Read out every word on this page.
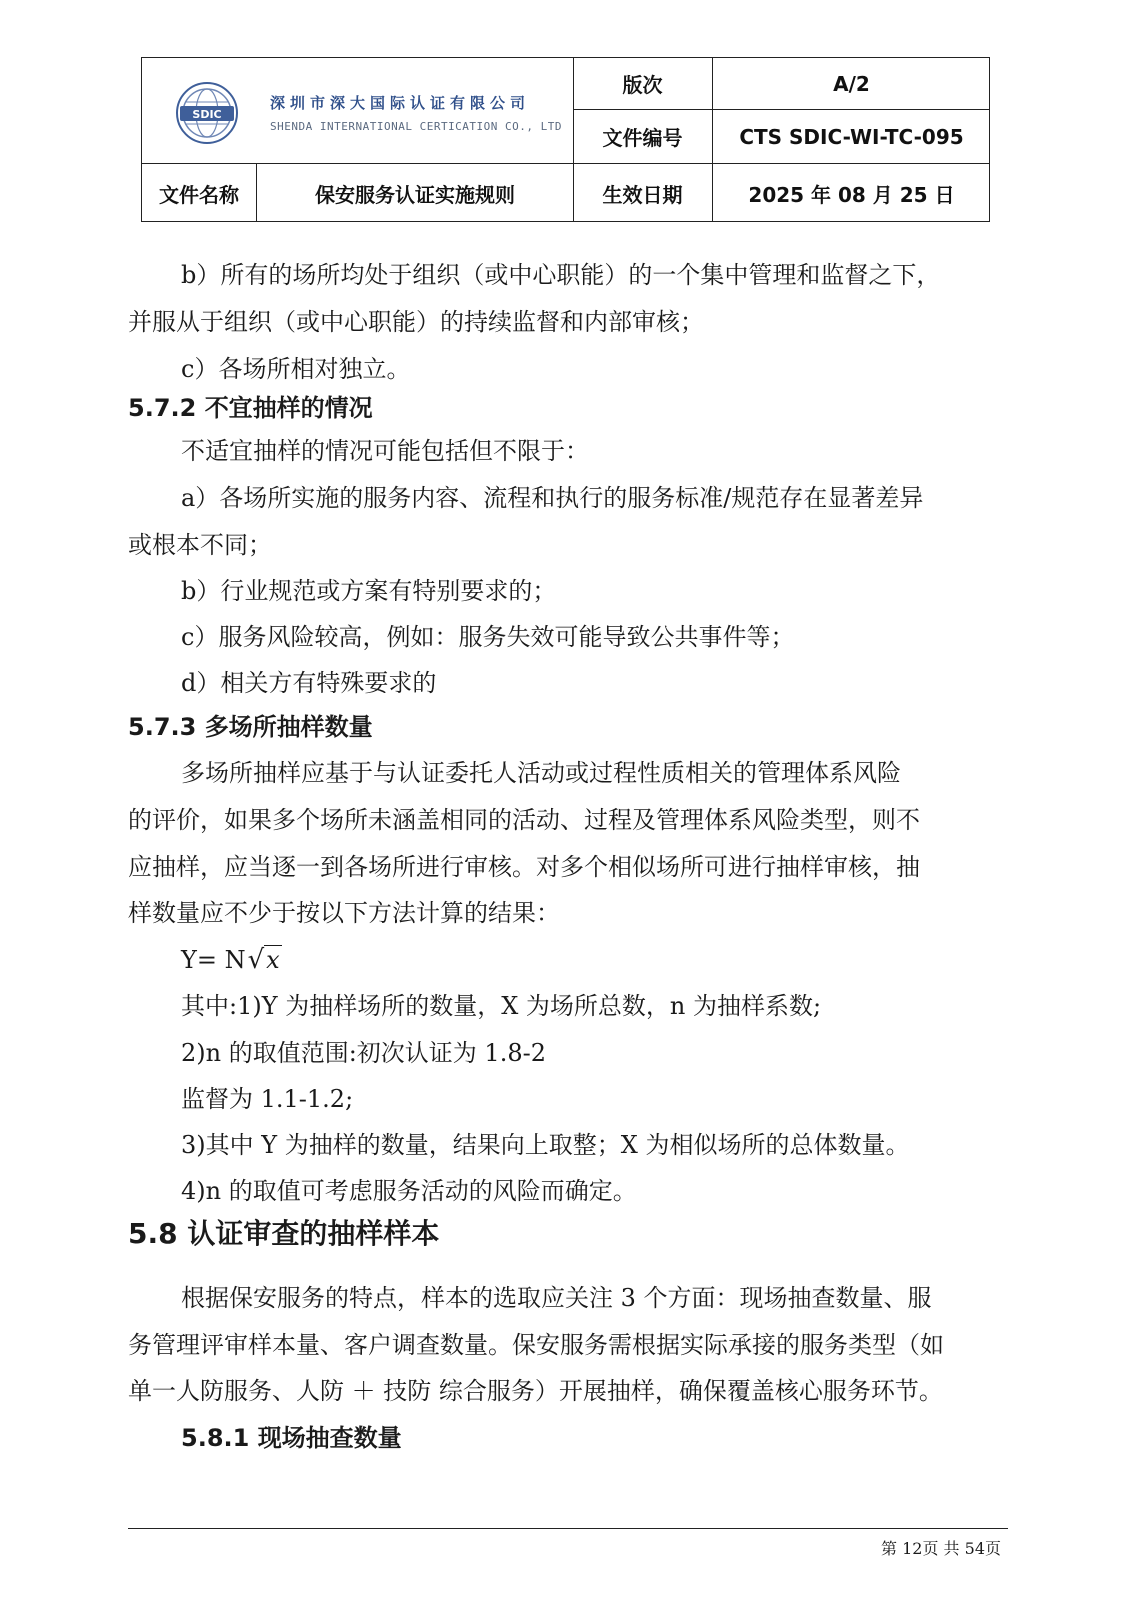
SDIC
深圳市深大国际认证有限公司
SHENDA INTERNATIONAL CERTICATION CO., LTD
版次	A/2
文件编号	CTS SDIC-WI-TC-095
文件名称	保安服务认证实施规则	生效日期	2025 年 08 月 25 日
b）所有的场所均处于组织（或中心职能）的一个集中管理和监督之下，
并服从于组织（或中心职能）的持续监督和内部审核；
c）各场所相对独立。
5.7.2 不宜抽样的情况
不适宜抽样的情况可能包括但不限于：
a）各场所实施的服务内容、流程和执行的服务标准/规范存在显著差异
或根本不同；
b）行业规范或方案有特别要求的；
c）服务风险较高，例如：服务失效可能导致公共事件等；
d）相关方有特殊要求的
5.7.3 多场所抽样数量
多场所抽样应基于与认证委托人活动或过程性质相关的管理体系风险
的评价，如果多个场所未涵盖相同的活动、过程及管理体系风险类型，则不
应抽样，应当逐一到各场所进行审核。对多个相似场所可进行抽样审核，抽
样数量应不少于按以下方法计算的结果：
Y= N√x
其中:1)Y 为抽样场所的数量，X 为场所总数，n 为抽样系数;
2)n 的取值范围:初次认证为 1.8-2
监督为 1.1-1.2;
3)其中 Y 为抽样的数量，结果向上取整；X 为相似场所的总体数量。
4)n 的取值可考虑服务活动的风险而确定。
5.8 认证审查的抽样样本
根据保安服务的特点，样本的选取应关注 3 个方面：现场抽查数量、服
务管理评审样本量、客户调查数量。保安服务需根据实际承接的服务类型（如
单一人防服务、人防 ＋ 技防 综合服务）开展抽样，确保覆盖核心服务环节。
5.8.1 现场抽查数量
第 12页 共 54页
